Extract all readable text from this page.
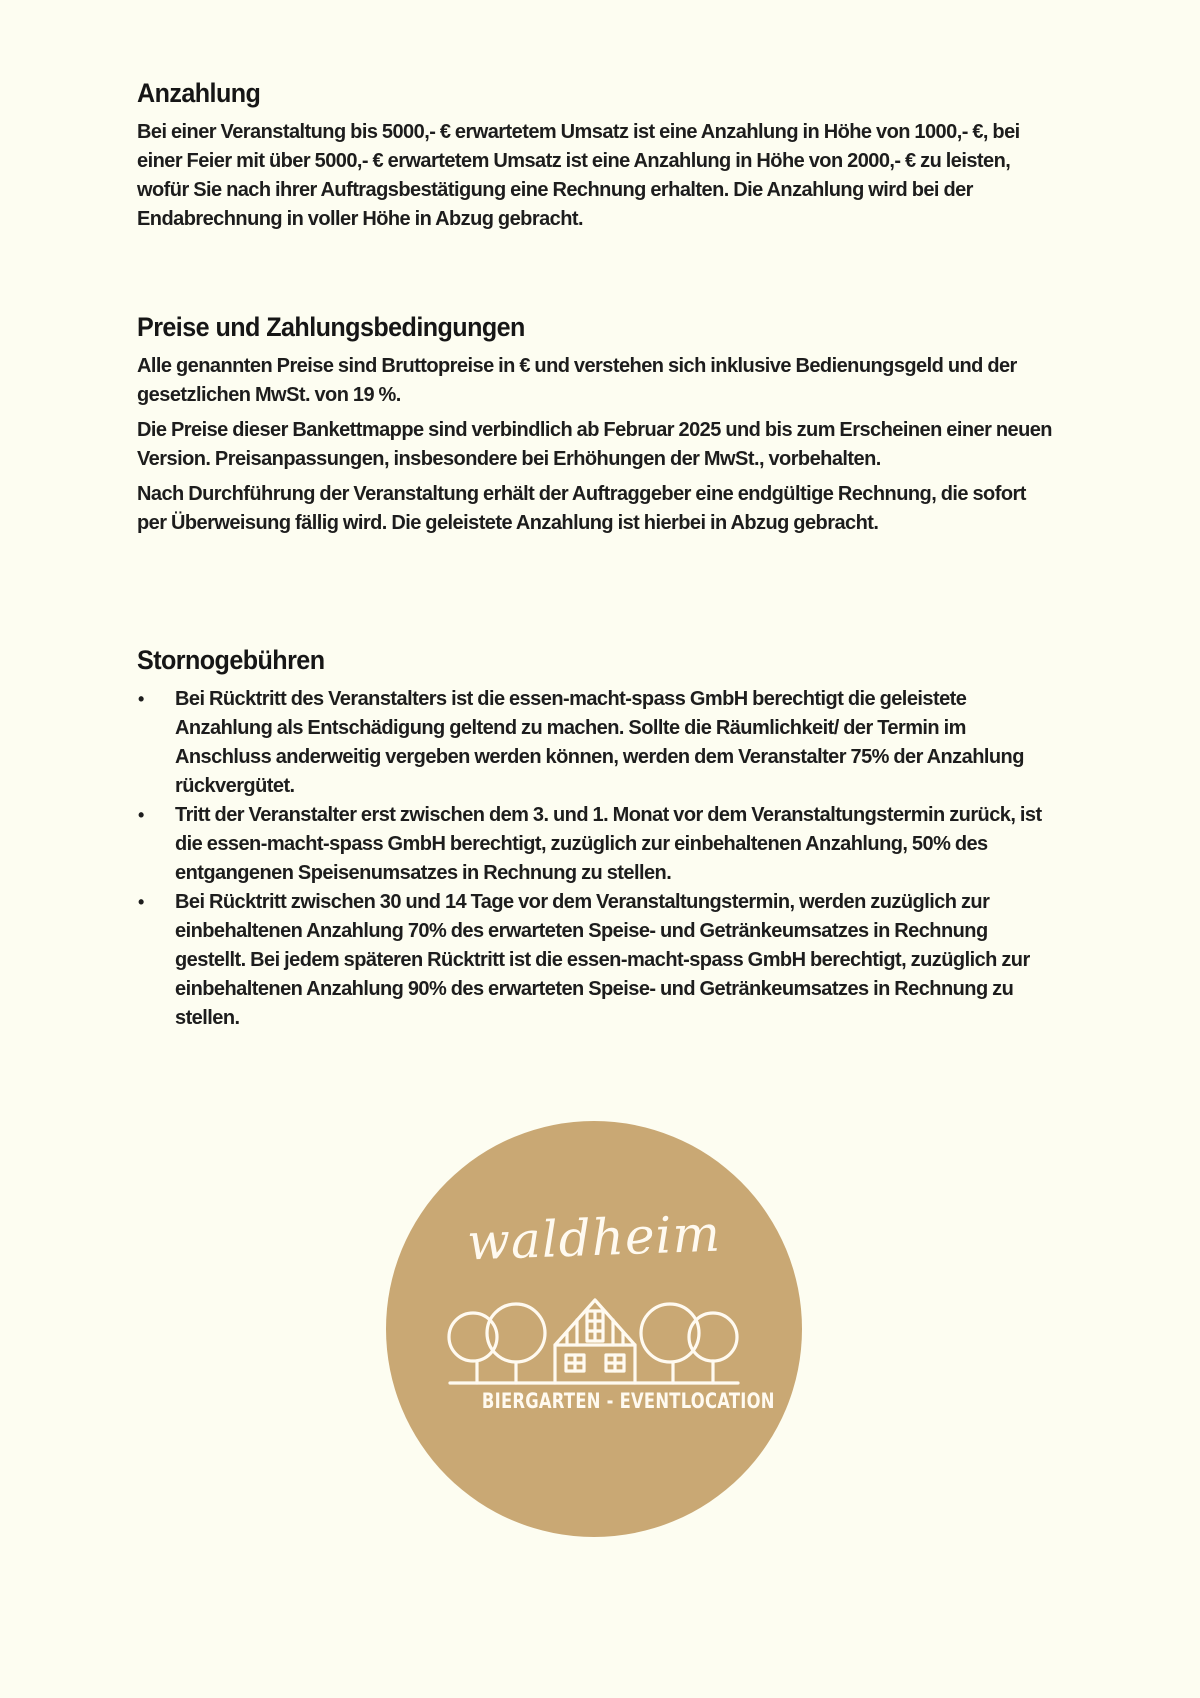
Anzahlung

Bei einer Veranstaltung bis 5000,- € erwartetem Umsatz ist eine Anzahlung in Höhe von 1000,- €, bei einer Feier mit über 5000,- € erwartetem Umsatz ist eine Anzahlung in Höhe von 2000,- € zu leisten, wofür Sie nach ihrer Auftragsbestätigung eine Rechnung erhalten. Die Anzahlung wird bei der Endabrechnung in voller Höhe in Abzug gebracht.

Preise und Zahlungsbedingungen

Alle genannten Preise sind Bruttopreise in € und verstehen sich inklusive Bedienungsgeld und der gesetzlichen MwSt. von 19 %.

Die Preise dieser Bankettmappe sind verbindlich ab Februar 2025 und bis zum Erscheinen einer neuen Version. Preisanpassungen, insbesondere bei Erhöhungen der MwSt., vorbehalten.

Nach Durchführung der Veranstaltung erhält der Auftraggeber eine endgültige Rechnung, die sofort per Überweisung fällig wird. Die geleistete Anzahlung ist hierbei in Abzug gebracht.

Stornogebühren
• Bei Rücktritt des Veranstalters ist die essen-macht-spass GmbH berechtigt die geleistete Anzahlung als Entschädigung geltend zu machen. Sollte die Räumlichkeit/ der Termin im Anschluss anderweitig vergeben werden können, werden dem Veranstalter 75% der Anzahlung rückvergütet.
• Tritt der Veranstalter erst zwischen dem 3. und 1. Monat vor dem Veranstaltungstermin zurück, ist die essen-macht-spass GmbH berechtigt, zuzüglich zur einbehaltenen Anzahlung, 50% des entgangenen Speisenumsatzes in Rechnung zu stellen.
• Bei Rücktritt zwischen 30 und 14 Tage vor dem Veranstaltungstermin, werden zuzüglich zur einbehaltenen Anzahlung 70% des erwarteten Speise- und Getränkeumsatzes in Rechnung gestellt. Bei jedem späteren Rücktritt ist die essen-macht-spass GmbH berechtigt, zuzüglich zur einbehaltenen Anzahlung 90% des erwarteten Speise- und Getränkeumsatzes in Rechnung zu stellen.
waldheim
BIERGARTEN - EVENTLOCATION
